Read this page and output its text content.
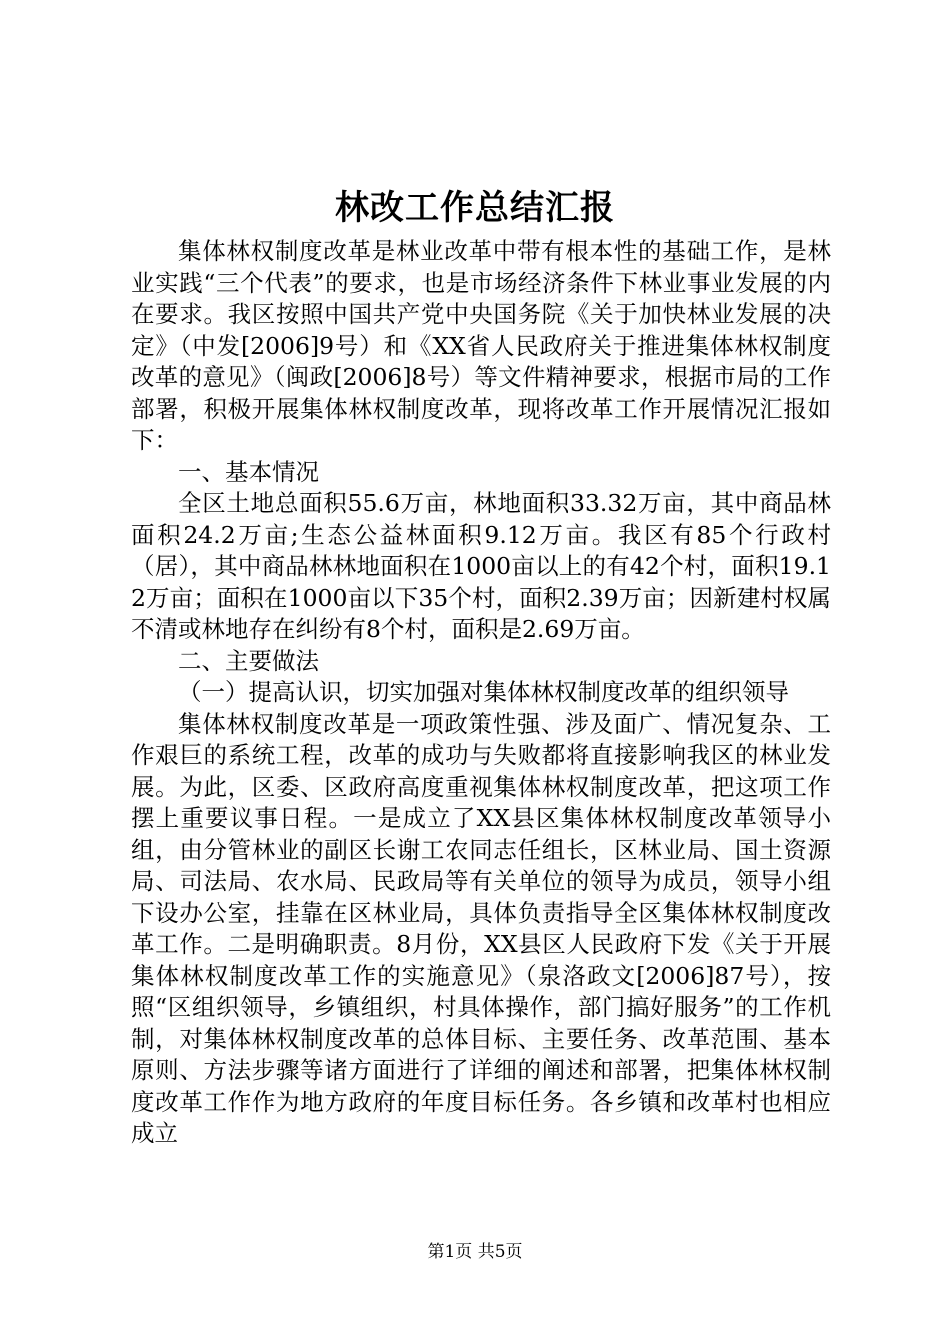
林改工作总结汇报

集体林权制度改革是林业改革中带有根本性的基础工作，是林业实践“三个代表”的要求，也是市场经济条件下林业事业发展的内在要求。我区按照中国共产党中央国务院《关于加快林业发展的决定》（中发[2006]9号）和《XX省人民政府关于推进集体林权制度改革的意见》（闽政[2006]8号）等文件精神要求，根据市局的工作部署，积极开展集体林权制度改革，现将改革工作开展情况汇报如下：

一、基本情况

全区土地总面积55.6万亩，林地面积33.32万亩，其中商品林面积24.2万亩;生态公益林面积9.12万亩。我区有85个行政村（居），其中商品林林地面积在1000亩以上的有42个村，面积19.12万亩；面积在1000亩以下35个村，面积2.39万亩；因新建村权属不清或林地存在纠纷有8个村，面积是2.69万亩。

二、主要做法

（一）提高认识，切实加强对集体林权制度改革的组织领导

集体林权制度改革是一项政策性强、涉及面广、情况复杂、工作艰巨的系统工程，改革的成功与失败都将直接影响我区的林业发展。为此，区委、区政府高度重视集体林权制度改革，把这项工作摆上重要议事日程。一是成立了XX县区集体林权制度改革领导小组，由分管林业的副区长谢工农同志任组长，区林业局、国土资源局、司法局、农水局、民政局等有关单位的领导为成员，领导小组下设办公室，挂靠在区林业局，具体负责指导全区集体林权制度改革工作。二是明确职责。8月份，XX县区人民政府下发《关于开展集体林权制度改革工作的实施意见》（泉洛政文[2006]87号），按照“区组织领导，乡镇组织，村具体操作，部门搞好服务”的工作机制，对集体林权制度改革的总体目标、主要任务、改革范围、基本原则、方法步骤等诸方面进行了详细的阐述和部署，把集体林权制度改革工作作为地方政府的年度目标任务。各乡镇和改革村也相应成立

第1页 共5页
